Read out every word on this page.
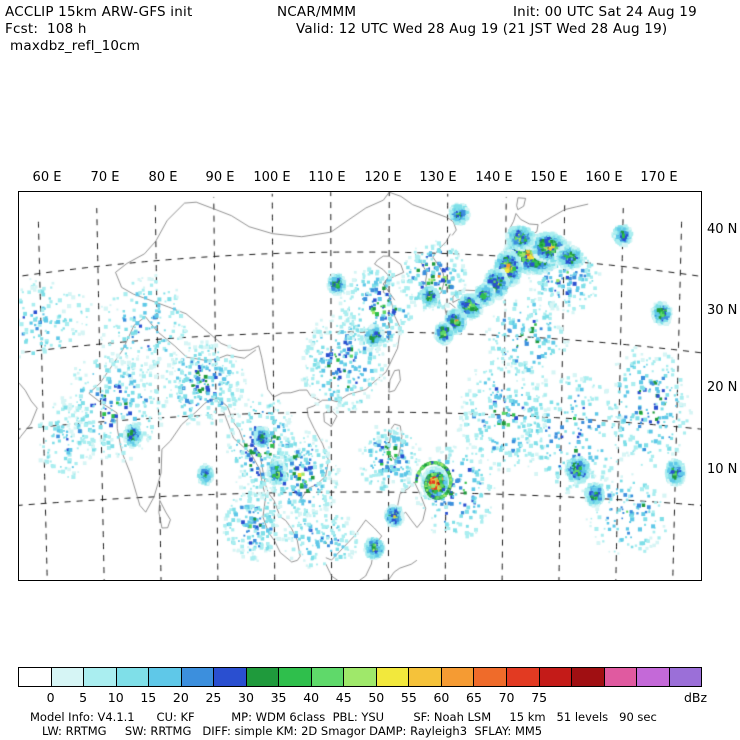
ACCLIP 15km ARW-GFS init
Fcst:  108 h
maxdbz_refl_10cm
NCAR/MMM
Valid: 12 UTC Wed 28 Aug 19 (21 JST Wed 28 Aug 19)
Init: 00 UTC Sat 24 Aug 19
60 E 70 E 80 E 90 E 100 E 110 E 120 E 130 E 140 E 150 E 160 E 170 E
40 N
30 N
20 N
10 N
0	5	10	15	20	25	30	35	40	45	50	55	60	65	70	75	dBz
Model Info: V4.1.1      CU: KF          MP: WDM 6class  PBL: YSU        SF: Noah LSM     15 km   51 levels   90 sec
LW: RRTMG     SW: RRTMG   DIFF: simple KM: 2D Smagor DAMP: Rayleigh3  SFLAY: MM5
